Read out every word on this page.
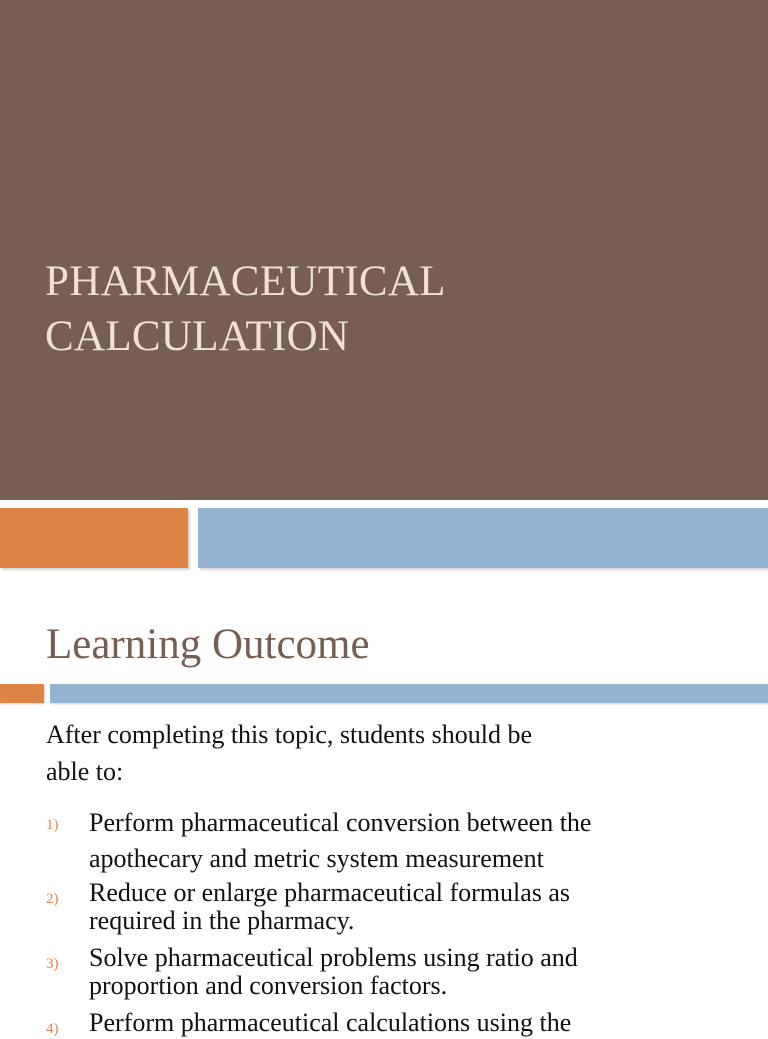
PHARMACEUTICAL
CALCULATION
Learning Outcome

After completing this topic, students should be
able to:

1) Perform pharmaceutical conversion between the
apothecary and metric system measurement
2) Reduce or enlarge pharmaceutical formulas as
required in the pharmacy.
3) Solve pharmaceutical problems using ratio and
proportion and conversion factors.
4) Perform pharmaceutical calculations using the
